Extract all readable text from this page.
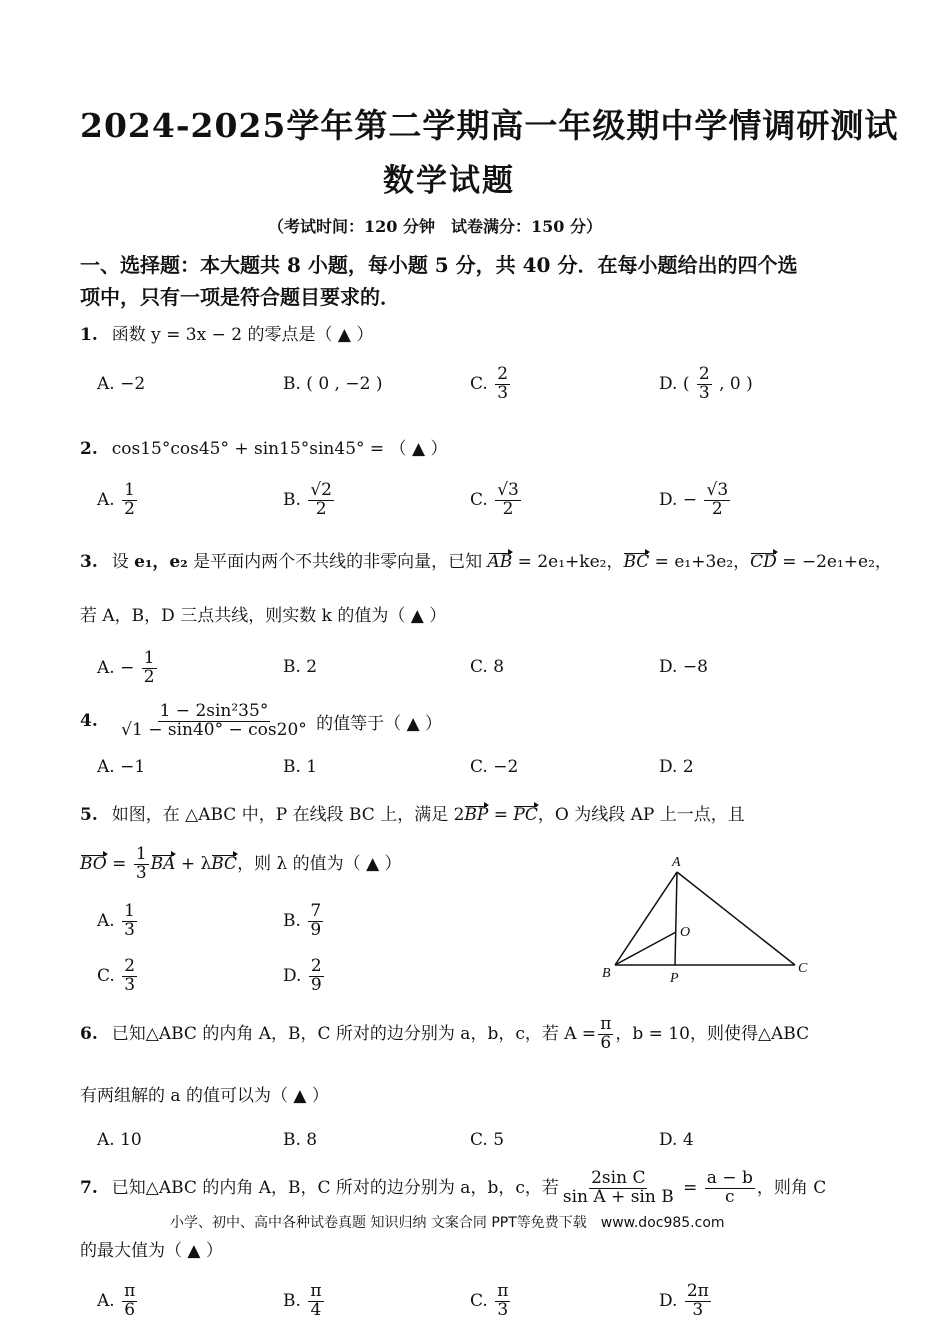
2024-2025学年第二学期高一年级期中学情调研测试
数学试题
（考试时间：120 分钟　试卷满分：150 分）
一、选择题：本大题共 8 小题，每小题 5 分，共 40 分．在每小题给出的四个选
项中，只有一项是符合题目要求的．
1. 函数 y = 3x − 2 的零点是（ ▲ ）
A. −2	B. ( 0 , −2 )	C. $\frac{2}{3}$	D. ( $\frac{2}{3}$ , 0 )
2. cos15°cos45° + sin15°sin45° = （ ▲ ）
A. $\frac{1}{2}$	B. $\frac{√2}{2}$	C. $\frac{√3}{2}$	D. − $\frac{√3}{2}$
3. 设 e₁，e₂ 是平面内两个不共线的非零向量，已知 AB = 2e₁+ke₂，BC = e₁+3e₂，CD = −2e₁+e₂，
若 A，B，D 三点共线，则实数 k 的值为（ ▲ ）
A. − $\frac{1}{2}$	B. 2	C. 8	D. −8
4. $\frac{\text{1 − 2sin²35°}}{√1 - \sin 40^\circ - \cos 20^\circ}$ 的值等于（ ▲ ）
A. −1	B. 1	C. −2	D. 2
5. 如图，在 △ABC 中，P 在线段 BC 上，满足 2BP = PC，O 为线段 AP 上一点，且
BO = $\frac{1}{3}$ BA + λBC，则 λ 的值为（ ▲ ）
A. $\frac{1}{3}$	B. $\frac{7}{9}$
C. $\frac{2}{3}$	D. $\frac{2}{9}$
A
B	C
O
P
6. 已知△ABC 的内角 A，B，C 所对的边分别为 a，b，c，若 $A = \frac{\pi}{6}$ ，b = 10，则使得△ABC
有两组解的 a 的值可以为（ ▲ ）
A. 10	B. 8	C. 5	D. 4
7. 已知△ABC 的内角 A，B，C 所对的边分别为 a，b，c，若 $\frac{\text{2sin C}}{\text{sin A + sin B}} = \frac{a - b}{c}$ ，则角 C
小学、初中、高中各种试卷真题 知识归纳 文案合同 PPT等免费下载　www.doc985.com
的最大值为（ ▲ ）
A. $\frac{\pi}{6}$	B. $\frac{\pi}{4}$	C. $\frac{\pi}{3}$	D. $\frac{2\pi}{3}$
